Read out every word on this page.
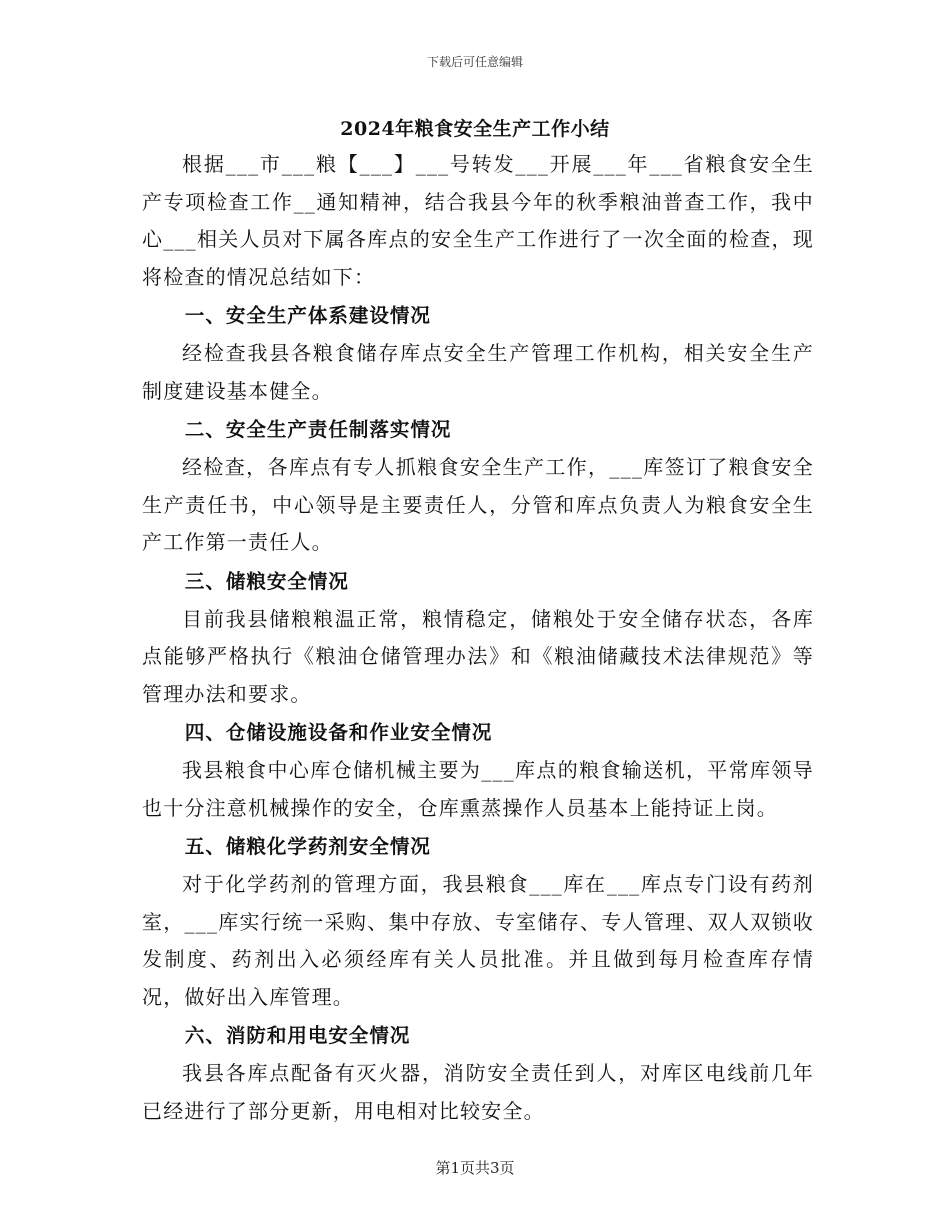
下载后可任意编辑
2024年粮食安全生产工作小结

根据___市___粮【___】___号转发___开展___年___省粮食安全生产专项检查工作__通知精神，结合我县今年的秋季粮油普查工作，我中心___相关人员对下属各库点的安全生产工作进行了一次全面的检查，现将检查的情况总结如下：

一、安全生产体系建设情况

经检查我县各粮食储存库点安全生产管理工作机构，相关安全生产制度建设基本健全。

二、安全生产责任制落实情况

经检查，各库点有专人抓粮食安全生产工作，___库签订了粮食安全生产责任书，中心领导是主要责任人，分管和库点负责人为粮食安全生产工作第一责任人。

三、储粮安全情况

目前我县储粮粮温正常，粮情稳定，储粮处于安全储存状态，各库点能够严格执行《粮油仓储管理办法》和《粮油储藏技术法律规范》等管理办法和要求。

四、仓储设施设备和作业安全情况

我县粮食中心库仓储机械主要为___库点的粮食输送机，平常库领导也十分注意机械操作的安全，仓库熏蒸操作人员基本上能持证上岗。

五、储粮化学药剂安全情况

对于化学药剂的管理方面，我县粮食___库在___库点专门设有药剂室，___库实行统一采购、集中存放、专室储存、专人管理、双人双锁收发制度、药剂出入必须经库有关人员批准。并且做到每月检查库存情况，做好出入库管理。

六、消防和用电安全情况

我县各库点配备有灭火器，消防安全责任到人，对库区电线前几年已经进行了部分更新，用电相对比较安全。

第1页共3页
